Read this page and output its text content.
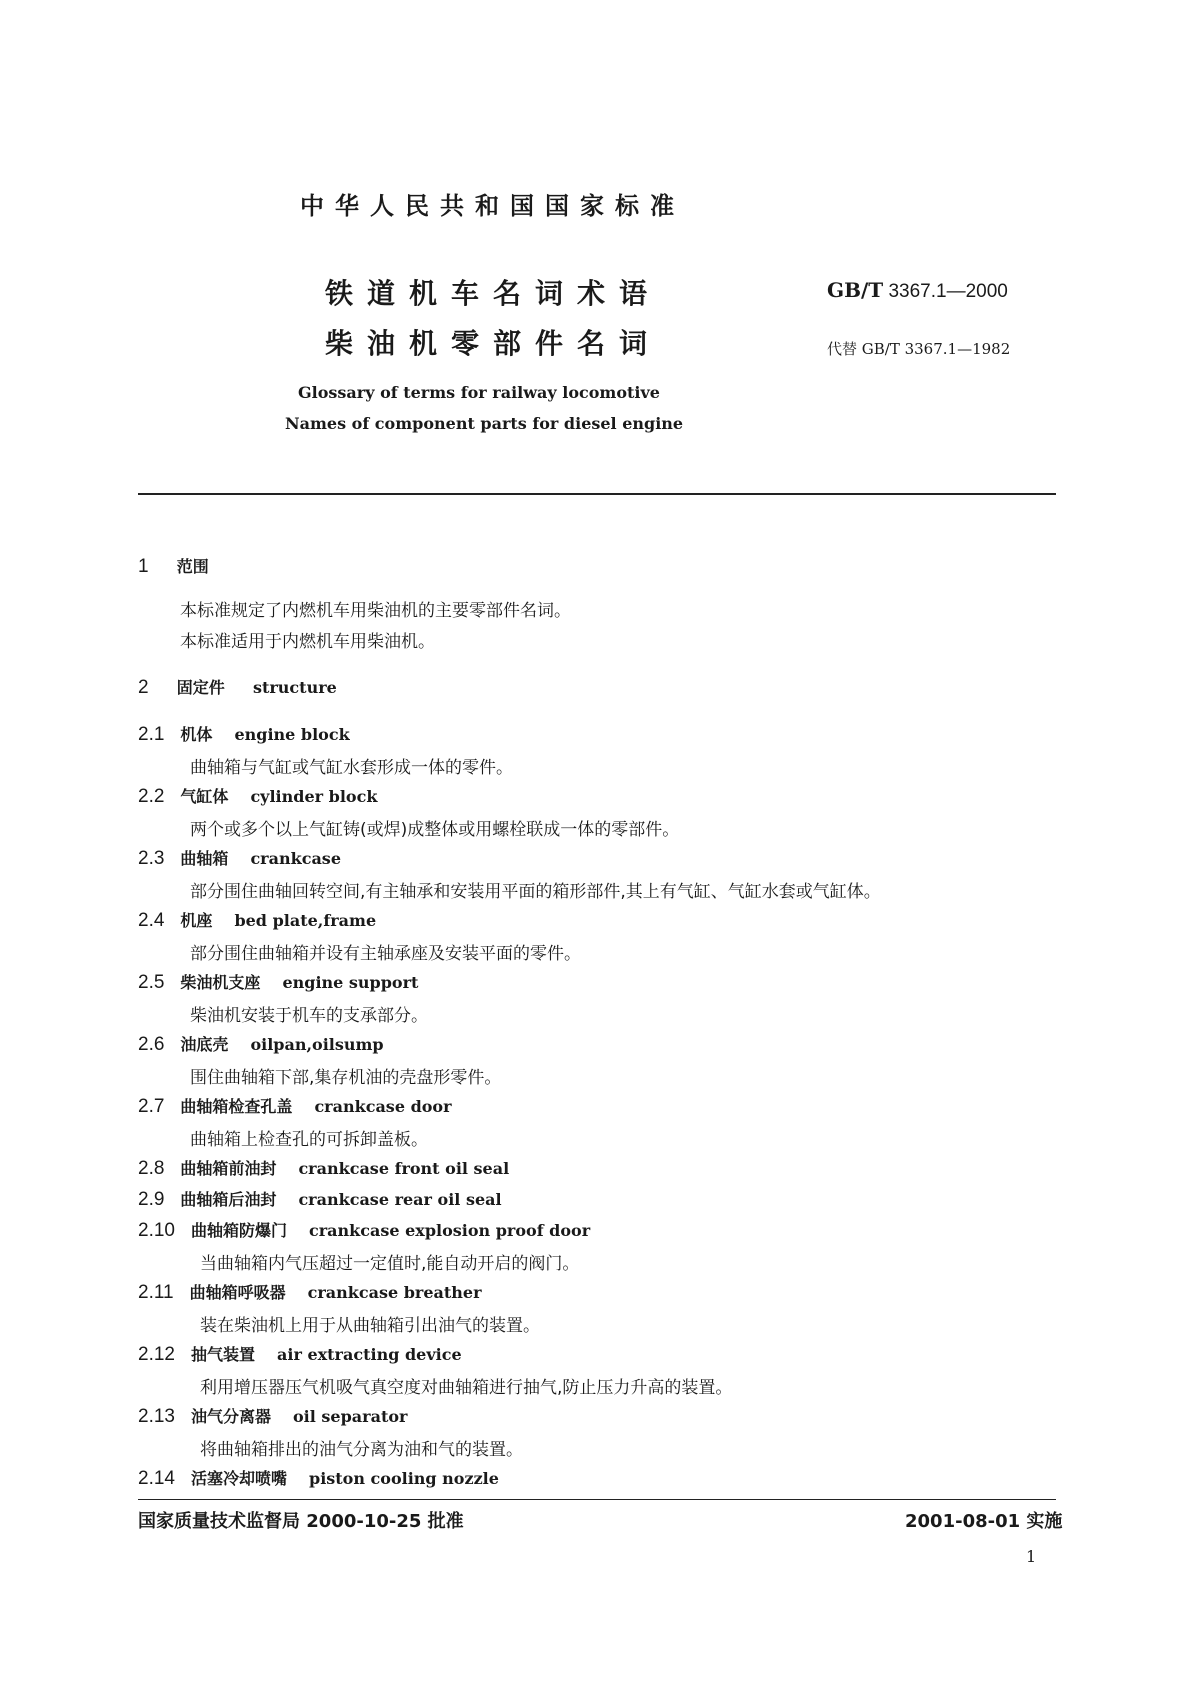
中华人民共和国国家标准
铁道机车名词术语
柴油机零部件名词
GB/T 3367.1—2000
代替 GB/T 3367.1—1982
Glossary of terms for railway locomotive
Names of component parts for diesel engine
1 范围
本标准规定了内燃机车用柴油机的主要零部件名词。
本标准适用于内燃机车用柴油机。
2 固定件 structure
2.1 机体 engine block
曲轴箱与气缸或气缸水套形成一体的零件。
2.2 气缸体 cylinder block
两个或多个以上气缸铸(或焊)成整体或用螺栓联成一体的零部件。
2.3 曲轴箱 crankcase
部分围住曲轴回转空间,有主轴承和安装用平面的箱形部件,其上有气缸、气缸水套或气缸体。
2.4 机座 bed plate,frame
部分围住曲轴箱并设有主轴承座及安装平面的零件。
2.5 柴油机支座 engine support
柴油机安装于机车的支承部分。
2.6 油底壳 oilpan,oilsump
围住曲轴箱下部,集存机油的壳盘形零件。
2.7 曲轴箱检查孔盖 crankcase door
曲轴箱上检查孔的可拆卸盖板。
2.8 曲轴箱前油封 crankcase front oil seal
2.9 曲轴箱后油封 crankcase rear oil seal
2.10 曲轴箱防爆门 crankcase explosion proof door
当曲轴箱内气压超过一定值时,能自动开启的阀门。
2.11 曲轴箱呼吸器 crankcase breather
装在柴油机上用于从曲轴箱引出油气的装置。
2.12 抽气装置 air extracting device
利用增压器压气机吸气真空度对曲轴箱进行抽气,防止压力升高的装置。
2.13 油气分离器 oil separator
将曲轴箱排出的油气分离为油和气的装置。
2.14 活塞冷却喷嘴 piston cooling nozzle
国家质量技术监督局 2000-10-25 批准	2001-08-01 实施
1
